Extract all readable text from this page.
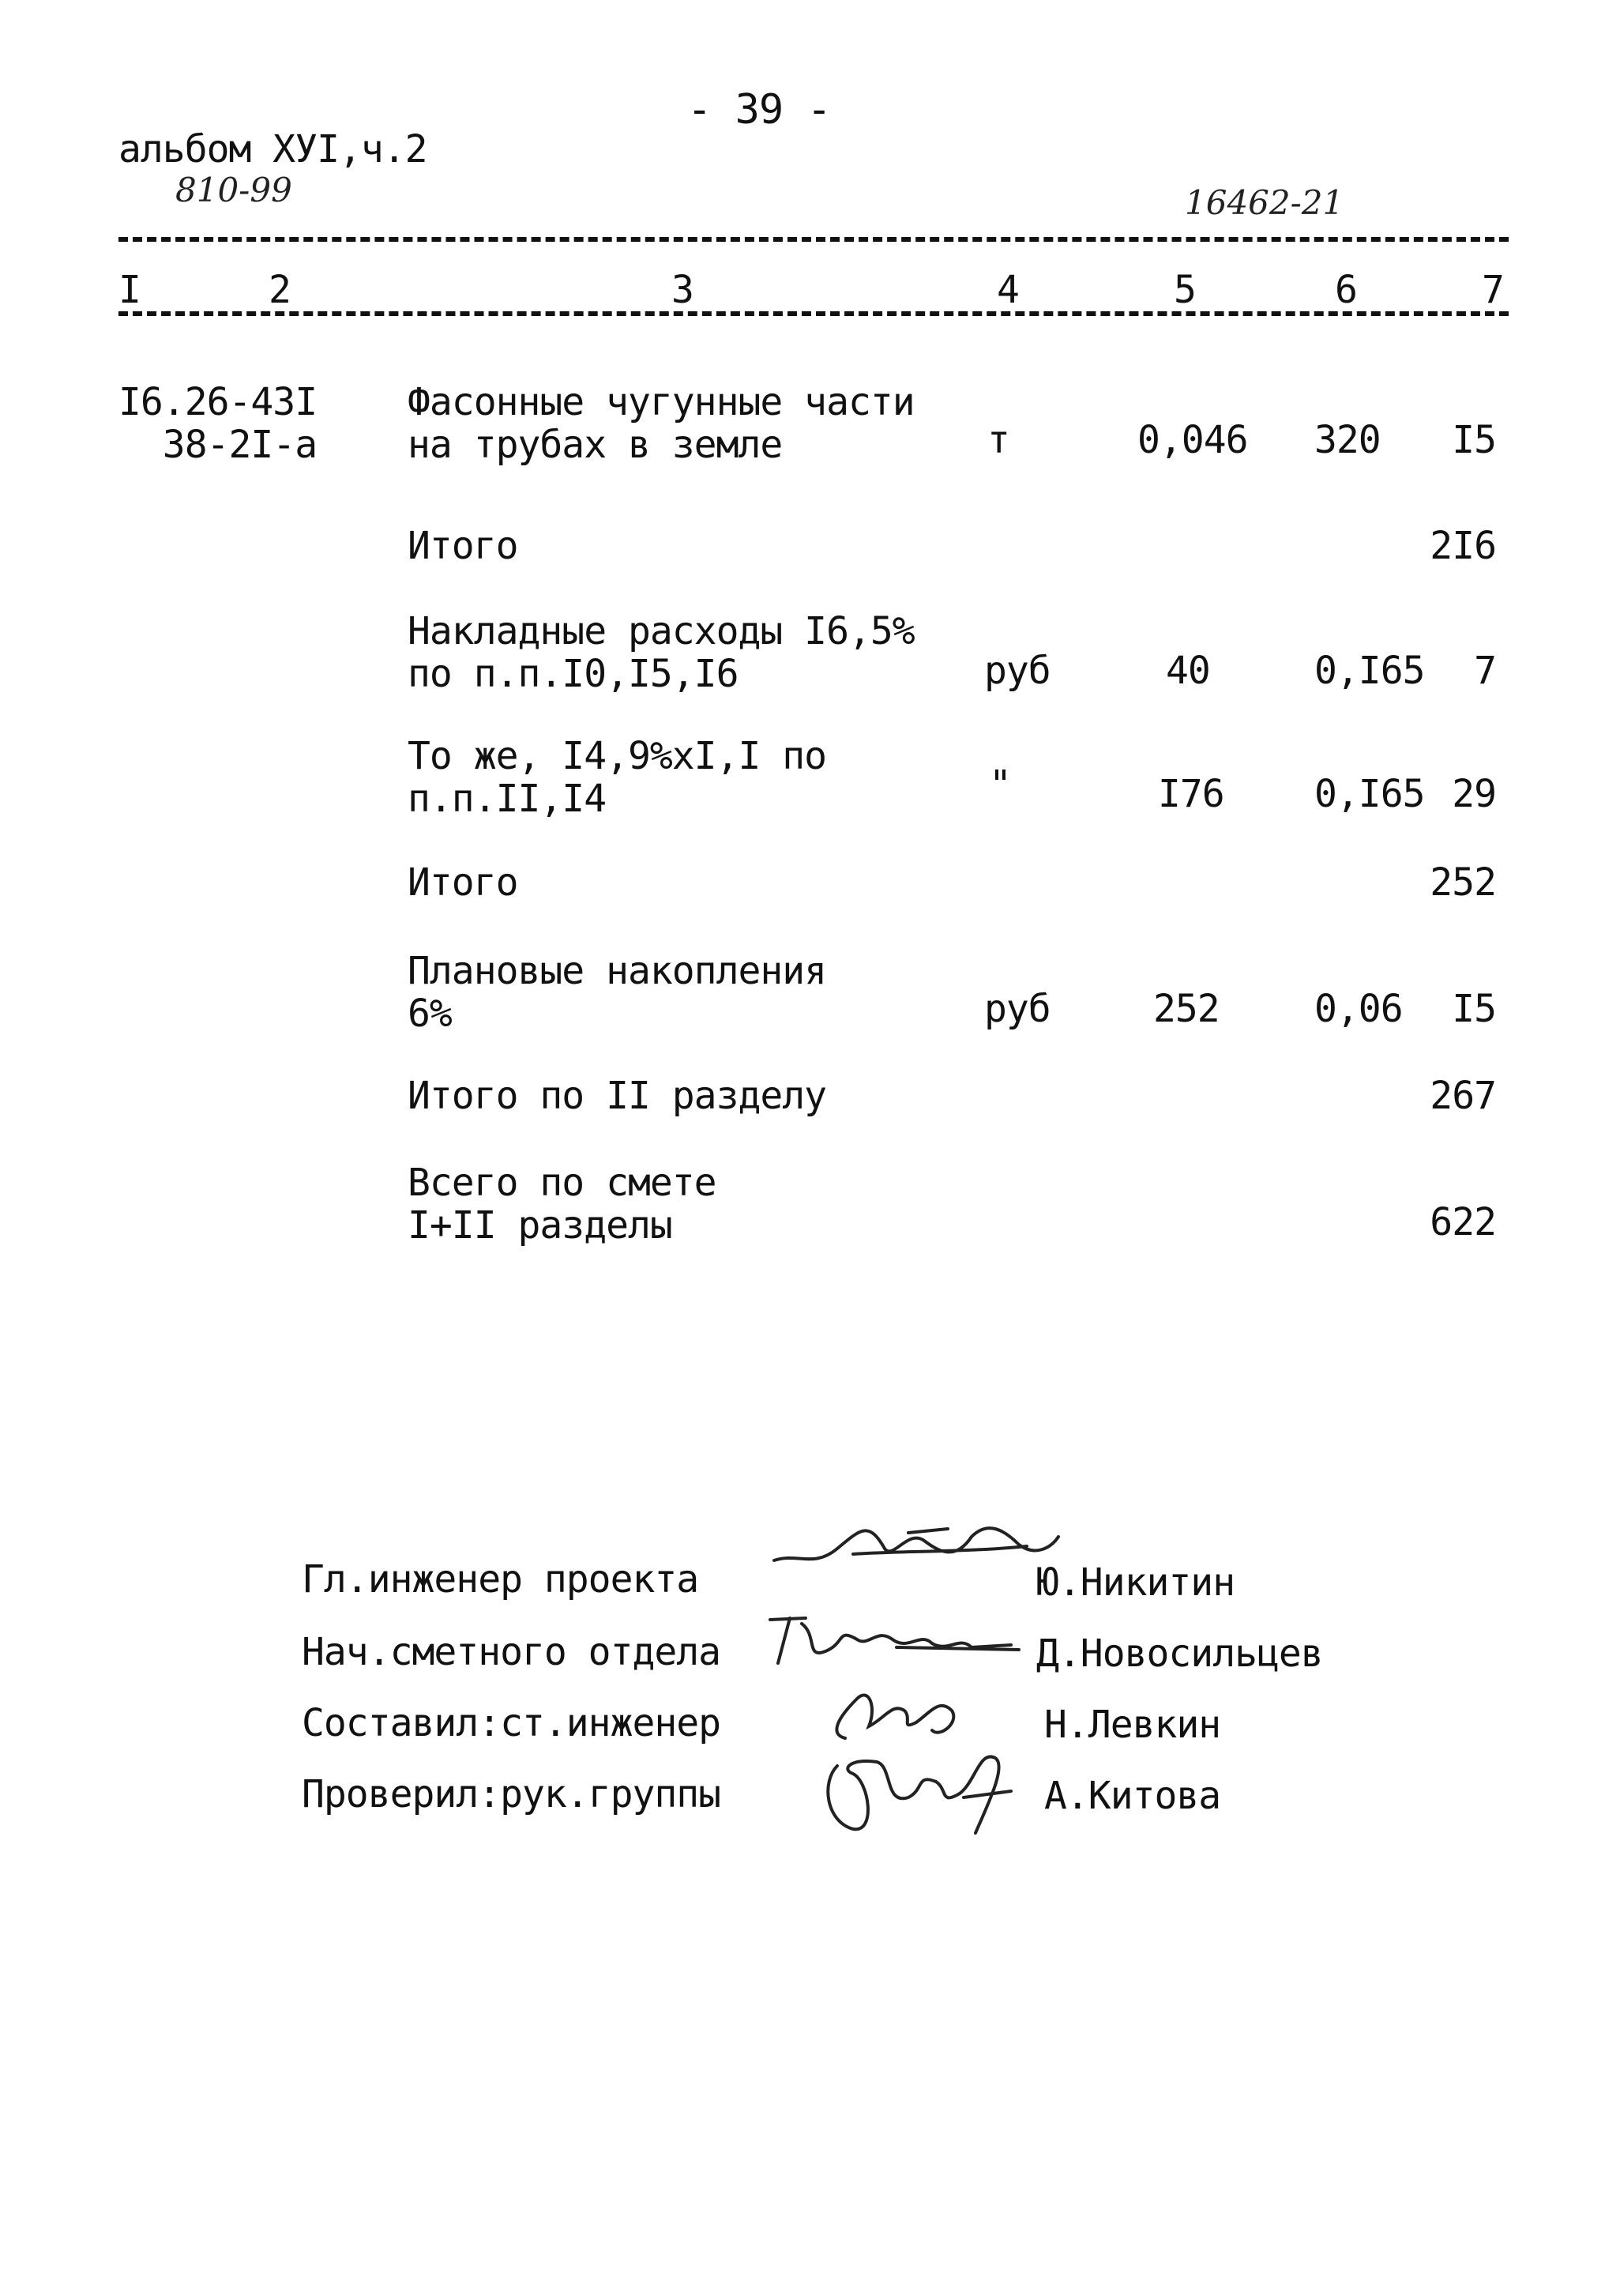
- 39 -
альбом ХУI,ч.2
810-99	16462-21
I	2	3	4	5	6	7
I6.26-43I
38-2I-а
Фасонные чугунные части
на трубах в земле	т	0,046 320 I5
Итого	2I6
Накладные расходы I6,5%
по п.п.I0,I5,I6	руб	40	0,I65 7
То же, I4,9%хI,I по
п.п.II,I4	"	I76 0,I65 29
Итого	252
Плановые накопления
6%	руб	252	0,06 I5
Итого по II разделу	267
Всего по смете
I+II разделы	622
Гл.инженер проекта	Ю.Никитин
Нач.сметного отдела	Д.Новосильцев
Составил:ст.инженер	Н.Левкин
Проверил:рук.группы	А.Китова
